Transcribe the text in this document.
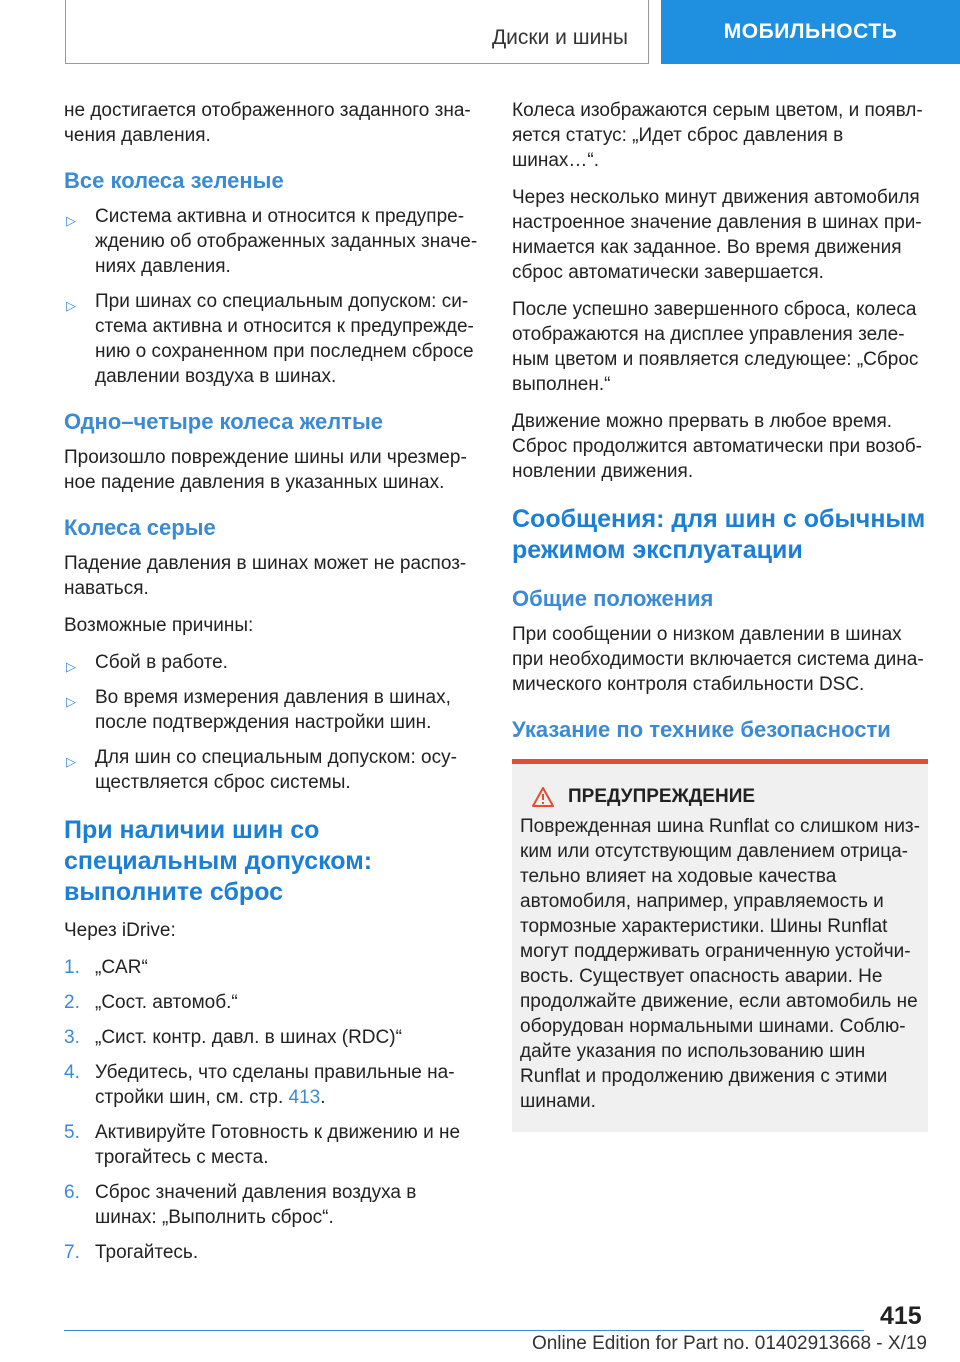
Диски и шины	МОБИЛЬНОСТЬ

не достигается отображенного заданного зна-чения давления.

Все колеса зеленые
▷ Система активна и относится к предупре-ждению об отображенных заданных значе-ниях давления.
▷ При шинах со специальным допуском: си-стема активна и относится к предупрежде-нию о сохраненном при последнем сбросе давлении воздуха в шинах.
Одно–четыре колеса желтые

Произошло повреждение шины или чрезмер-ное падение давления в указанных шинах.

Колеса серые

Падение давления в шинах может не распоз-наваться.

Возможные причины:

▷ Сбой в работе.
▷ Во время измерения давления в шинах, после подтверждения настройки шин.
▷ Для шин со специальным допуском: осу-ществляется сброс системы.
При наличии шин со специальным допуском: выполните сброс

Через iDrive:

1. „CAR“
2. „Сост. автомоб.“
3. „Сист. контр. давл. в шинах (RDC)“
4. Убедитесь, что сделаны правильные на-стройки шин, см. стр. 413.
5. Активируйте Готовность к движению и не трогайтесь с места.
6. Сброс значений давления воздуха в шинах: „Выполнить сброс“.
7. Трогайтесь.

Колеса изображаются серым цветом, и появл-яется статус: „Идет сброс давления в шинах…“.

Через несколько минут движения автомобиля настроенное значение давления в шинах при-нимается как заданное. Во время движения сброс автоматически завершается.

После успешно завершенного сброса, колеса отображаются на дисплее управления зеле-ным цветом и появляется следующее: „Сброс выполнен.“

Движение можно прервать в любое время. Сброс продолжится автоматически при возоб-новлении движения.

Сообщения: для шин с обычным режимом эксплуатации
Общие положения

При сообщении о низком давлении в шинах при необходимости включается система дина-мического контроля стабильности DSC.

Указание по технике безопасности
ПРЕДУПРЕЖДЕНИЕ

Поврежденная шина Runflat со слишком низ-ким или отсутствующим давлением отрица-тельно влияет на ходовые качества автомобиля, например, управляемость и тормозные характеристики. Шины Runflat могут поддерживать ограниченную устойчи-вость. Существует опасность аварии. Не продолжайте движение, если автомобиль не оборудован нормальными шинами. Соблю-дайте указания по использованию шин Runflat и продолжению движения с этими шинами.

415
Online Edition for Part no. 01402913668 - X/19
